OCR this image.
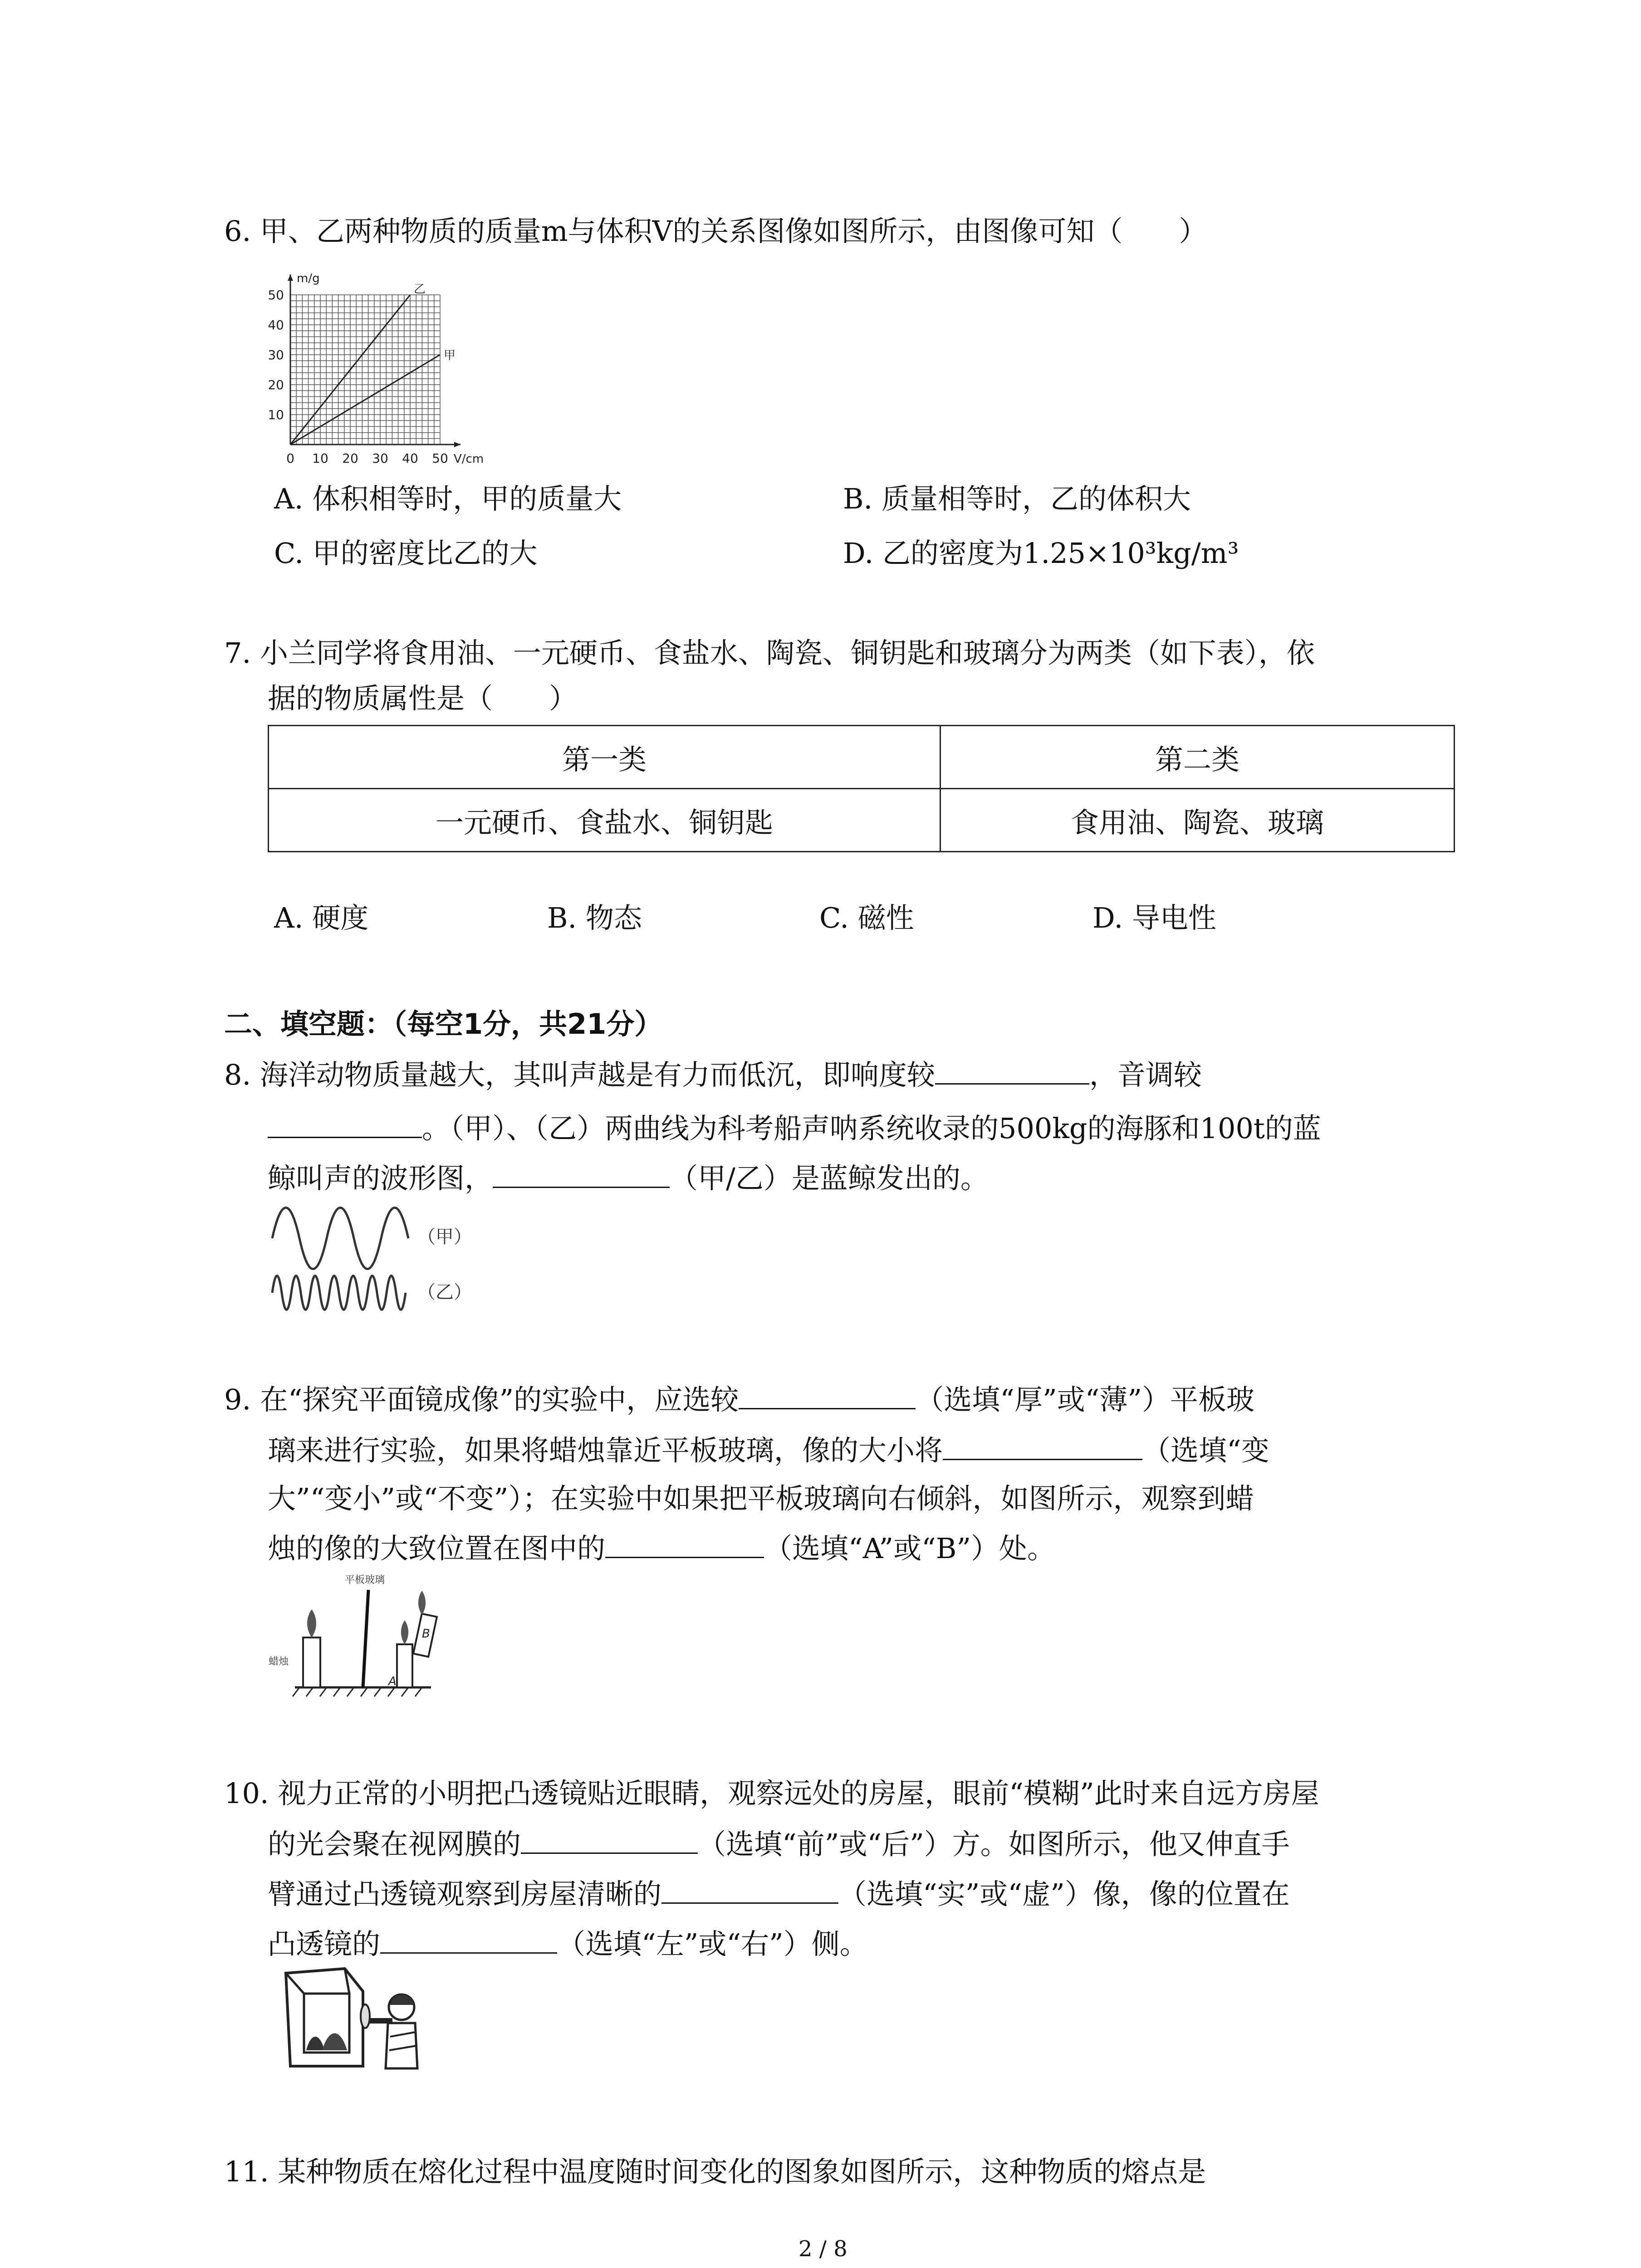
6. 甲、乙两种物质的质量m与体积V的关系图像如图所示，由图像可知（　　）
0 10 20 30 40 50
10
20
30
40
50	乙
甲
V/cm
m/g
A. 体积相等时，甲的质量大	B. 质量相等时，乙的体积大
C. 甲的密度比乙的大	D. 乙的密度为1.25×10³kg/m³
7. 小兰同学将食用油、一元硬币、食盐水、陶瓷、铜钥匙和玻璃分为两类（如下表），依
据的物质属性是（　　）
第一类	第二类
一元硬币、食盐水、铜钥匙	食用油、陶瓷、玻璃
A. 硬度	B. 物态	C. 磁性	D. 导电性
二、填空题：（每空1分，共21分）
8. 海洋动物质量越大，其叫声越是有力而低沉，即响度较	，音调较
。（甲）、（乙）两曲线为科考船声呐系统收录的500kg的海豚和100t的蓝
鲸叫声的波形图，	（甲/乙）是蓝鲸发出的。
（甲）
（乙）
9. 在“探究平面镜成像”的实验中，应选较	（选填“厚”或“薄”）平板玻
璃来进行实验，如果将蜡烛靠近平板玻璃，像的大小将	（选填“变
大”“变小”或“不变”）；在实验中如果把平板玻璃向右倾斜，如图所示，观察到蜡
烛的像的大致位置在图中的	（选填“A”或“B”）处。
平板玻璃
蜡烛
A
B
10. 视力正常的小明把凸透镜贴近眼睛，观察远处的房屋，眼前“模糊”此时来自远方房屋
的光会聚在视网膜的	（选填“前”或“后”）方。如图所示，他又伸直手
臂通过凸透镜观察到房屋清晰的	（选填“实”或“虚”）像，像的位置在
凸透镜的	（选填“左”或“右”）侧。
11. 某种物质在熔化过程中温度随时间变化的图象如图所示，这种物质的熔点是
2 / 8
